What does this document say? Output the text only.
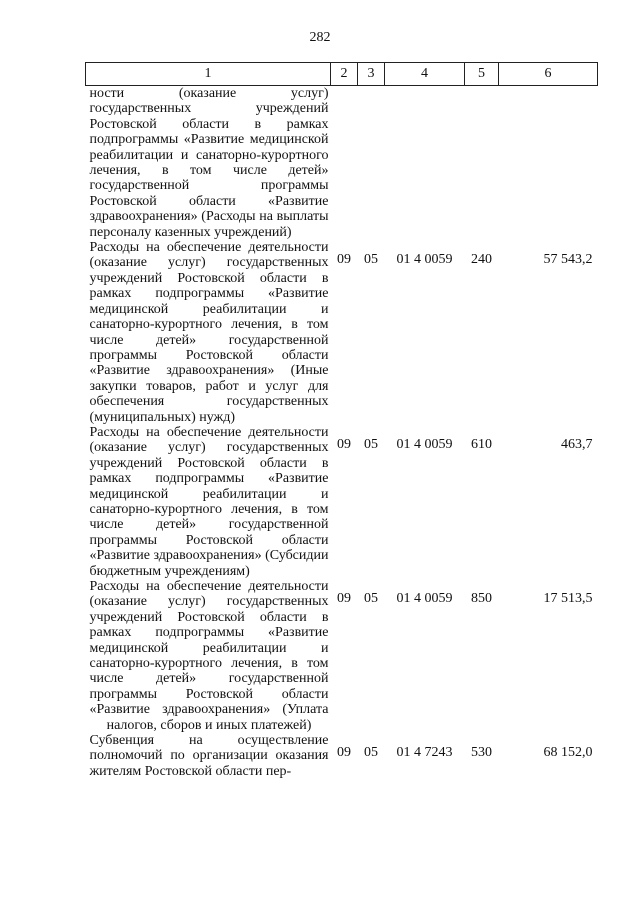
282
1	2	3	4	5	6
ности (оказание услуг) государственных учреждений Ростовской области в рамках подпрограммы «Развитие медицинской реабилитации и санаторно-курортного лечения, в том числе детей» государственной программы Ростовской области «Развитие здравоохранения» (Расходы на выплаты персоналу казенных учреждений)					
Расходы на обеспечение деятельности (оказание услуг) государственных учреждений Ростовской области в рамках подпрограммы «Развитие медицинской реабилитации и санаторно-курортного лечения, в том числе детей» государственной программы Ростовской области «Развитие здравоохранения» (Иные закупки товаров, работ и услуг для обеспечения государственных (муниципальных) нужд)	09	05	01 4 0059	240	57 543,2
Расходы на обеспечение деятельности (оказание услуг) государственных учреждений Ростовской области в рамках подпрограммы «Развитие медицинской реабилитации и санаторно-курортного лечения, в том числе детей» государственной программы Ростовской области «Развитие здравоохранения» (Субсидии бюджетным учреждениям)	09	05	01 4 0059	610	463,7
Расходы на обеспечение деятельности (оказание услуг) государственных учреждений Ростовской области в рамках подпрограммы «Развитие медицинской реабилитации и санаторно-курортного лечения, в том числе детей» государственной программы Ростовской области «Развитие здравоохранения» (Уплата налогов, сборов и иных платежей)	09	05	01 4 0059	850	17 513,5
Субвенция на осуществление полномочий по организации оказания жителям Ростовской области пер-	09	05	01 4 7243	530	68 152,0
